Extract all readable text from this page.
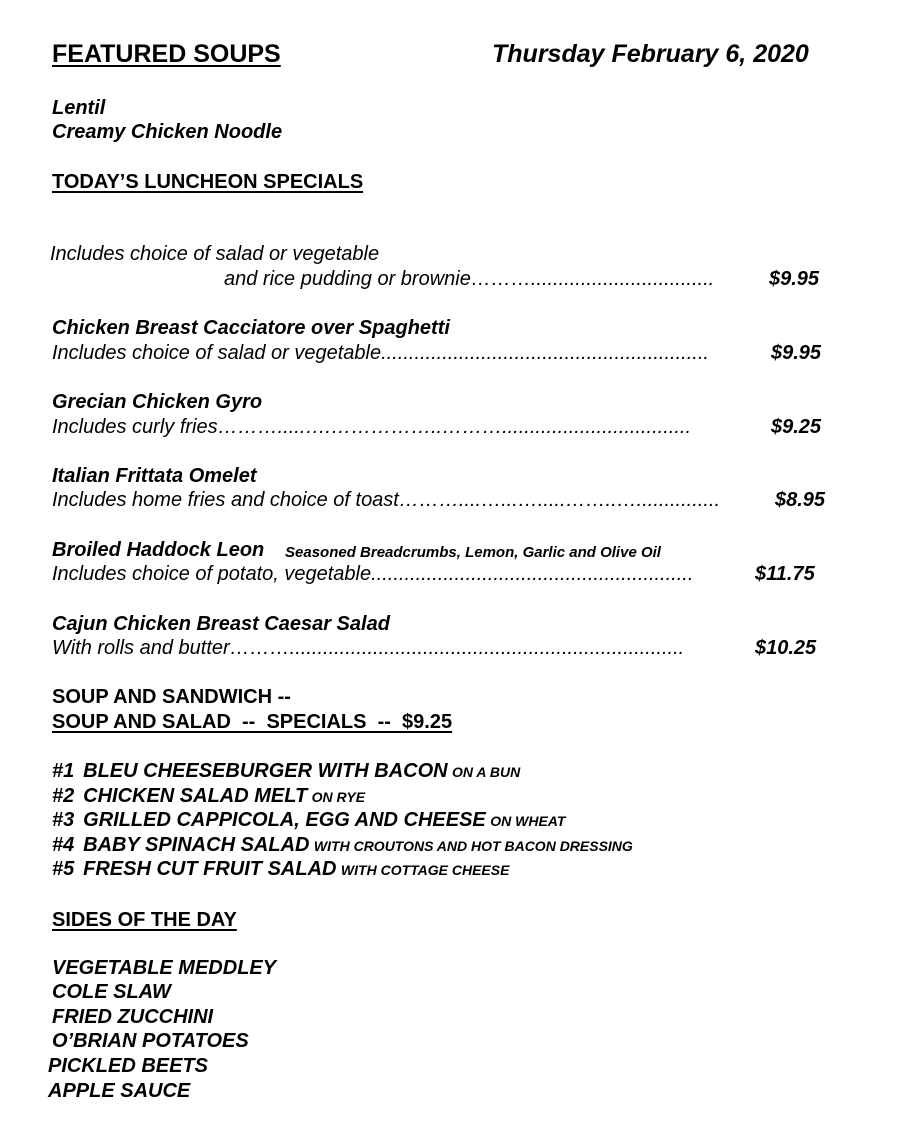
FEATURED SOUPS	Thursday February 6, 2020
Lentil
Creamy Chicken Noodle
TODAY’S LUNCHEON SPECIALS
Includes choice of salad or vegetable
and rice pudding or brownie……….................................	$9.95
Chicken Breast Cacciatore over Spaghetti
Includes choice of salad or vegetable...........................................................	$9.95
Grecian Chicken Gyro
Includes curly fries……….....….……………..………..................................	$9.25
Italian Frittata Omelet
Includes home fries and choice of toast………....…...….....……..…...............	$8.95
Broiled Haddock Leon Seasoned Breadcrumbs, Lemon, Garlic and Olive Oil
Includes choice of potato, vegetable..........................................................	$11.75
Cajun Chicken Breast Caesar Salad
With rolls and butter……….......................................................................	$10.25
SOUP AND SANDWICH --
SOUP AND SALAD  --  SPECIALS  --  $9.25
#1 BLEU CHEESEBURGER WITH BACON ON A BUN
#2 CHICKEN SALAD MELT ON RYE
#3 GRILLED CAPPICOLA, EGG AND CHEESE ON WHEAT
#4 BABY SPINACH SALAD WITH CROUTONS AND HOT BACON DRESSING
#5 FRESH CUT FRUIT SALAD WITH COTTAGE CHEESE
SIDES OF THE DAY
VEGETABLE MEDDLEY
COLE SLAW
FRIED ZUCCHINI
O’BRIAN POTATOES
PICKLED BEETS
APPLE SAUCE
